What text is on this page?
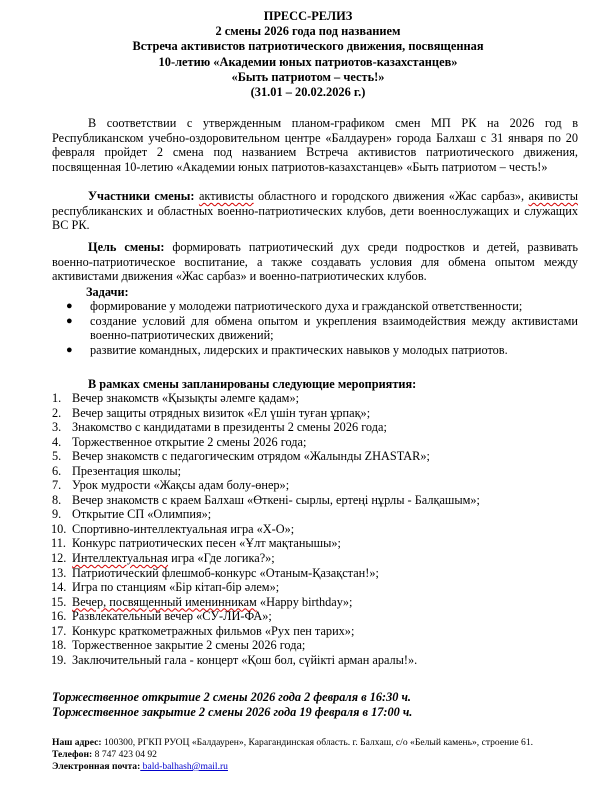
ПРЕСС-РЕЛИЗ
2 смены 2026 года под названием
Встреча активистов патриотического движения, посвященная
10-летию «Академии юных патриотов-казахстанцев»
«Быть патриотом – честь!»
(31.01 – 20.02.2026 г.)

В соответствии с утвержденным планом-графиком смен МП РК на 2026 год в Республиканском учебно-оздоровительном центре «Балдаурен» города Балхаш с 31 января по 20 февраля пройдет 2 смена под названием Встреча активистов патриотического движения, посвященная 10-летию «Академии юных патриотов-казахстанцев» «Быть патриотом – честь!»

Участники смены: активисты областного и городского движения «Жас сарбаз», акивисты республиканских и областных военно-патриотических клубов, дети военнослужащих и служащих ВС РК.

Цель смены: формировать патриотический дух среди подростков и детей, развивать военно-патриотическое воспитание, а также создавать условия для обмена опытом между активистами движения «Жас сарбаз» и военно-патриотических клубов.

Задачи:
● формирование у молодежи патриотического духа и гражданской ответственности;
● создание условий для обмена опытом и укрепления взаимодействия между активистами военно-патриотических движений;
● развитие командных, лидерских и практических навыков у молодых патриотов.
В рамках смены запланированы следующие мероприятия:
1. Вечер знакомств «Қызықты әлемге қадам»;
2. Вечер защиты отрядных визиток «Ел үшін туған ұрпақ»;
3. Знакомство с кандидатами в президенты 2 смены 2026 года;
4. Торжественное открытие 2 смены 2026 года;
5. Вечер знакомств с педагогическим отрядом «Жалынды ZHASTAR»;
6. Презентация школы;
7. Урок мудрости «Жақсы адам болу-өнер»;
8. Вечер знакомств с краем Балхаш «Өткені- сырлы, ертеңі нұрлы - Балқашым»;
9. Открытие СП «Олимпия»;
10. Спортивно-интеллектуальная игра «Х-О»;
11. Конкурс патриотических песен «Ұлт мақтанышы»;
12. Интеллектуальная игра «Где логика?»;
13. Патриотический флешмоб-конкурс «Отаным-Қазақстан!»;
14. Игра по станциям «Бір кітап-бір әлем»;
15. Вечер, посвященный именинникам «Happy birthday»;
16. Развлекательный вечер «СУ-ЛИ-ФА»;
17. Конкурс краткометражных фильмов «Рух пен тарих»;
18. Торжественное закрытие 2 смены 2026 года;
19. Заключительный гала - концерт «Қош бол, сүйікті арман аралы!».
Торжественное открытие 2 смены 2026 года 2 февраля в 16:30 ч.
Торжественное закрытие 2 смены 2026 года 19 февраля в 17:00 ч.
Наш адрес: 100300, РГКП РУОЦ «Балдаурен», Карагандинская область. г. Балхаш, с/о «Белый камень», строение 61.
Телефон: 8 747 423 04 92
Электронная почта: bald-balhash@mail.ru
